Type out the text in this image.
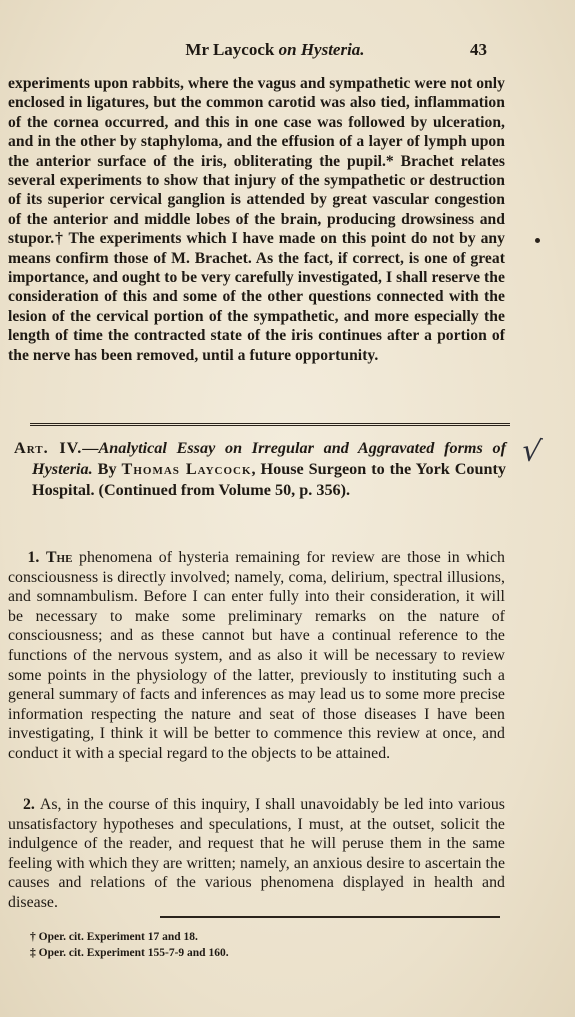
Mr Laycock on Hysteria.	43
experiments upon rabbits, where the vagus and sympathetic were not only enclosed in ligatures, but the common carotid was also tied, inflammation of the cornea occurred, and this in one case was followed by ulceration, and in the other by staphyloma, and the effusion of a layer of lymph upon the anterior surface of the iris, obliterating the pupil.* Brachet relates several experiments to show that injury of the sympathetic or destruction of its superior cervical ganglion is attended by great vascular congestion of the anterior and middle lobes of the brain, producing drowsiness and stupor.† The experiments which I have made on this point do not by any means confirm those of M. Brachet. As the fact, if correct, is one of great importance, and ought to be very carefully investigated, I shall reserve the consideration of this and some of the other questions connected with the lesion of the cervical portion of the sympathetic, and more especially the length of time the contracted state of the iris continues after a portion of the nerve has been removed, until a future opportunity.
Art. IV.—Analytical Essay on Irregular and Aggravated forms of Hysteria. By Thomas Laycock, House Surgeon to the York County Hospital. (Continued from Volume 50, p. 356).
√
1. The phenomena of hysteria remaining for review are those in which consciousness is directly involved; namely, coma, delirium, spectral illusions, and somnambulism. Before I can enter fully into their consideration, it will be necessary to make some preliminary remarks on the nature of consciousness; and as these cannot but have a continual reference to the functions of the nervous system, and as also it will be necessary to review some points in the physiology of the latter, previously to instituting such a general summary of facts and inferences as may lead us to some more precise information respecting the nature and seat of those diseases I have been investigating, I think it will be better to commence this review at once, and conduct it with a special regard to the objects to be attained.
2. As, in the course of this inquiry, I shall unavoidably be led into various unsatisfactory hypotheses and speculations, I must, at the outset, solicit the indulgence of the reader, and request that he will peruse them in the same feeling with which they are written; namely, an anxious desire to ascertain the causes and relations of the various phenomena displayed in health and disease.
† Oper. cit. Experiment 17 and 18.
‡ Oper. cit. Experiment 155-7-9 and 160.
